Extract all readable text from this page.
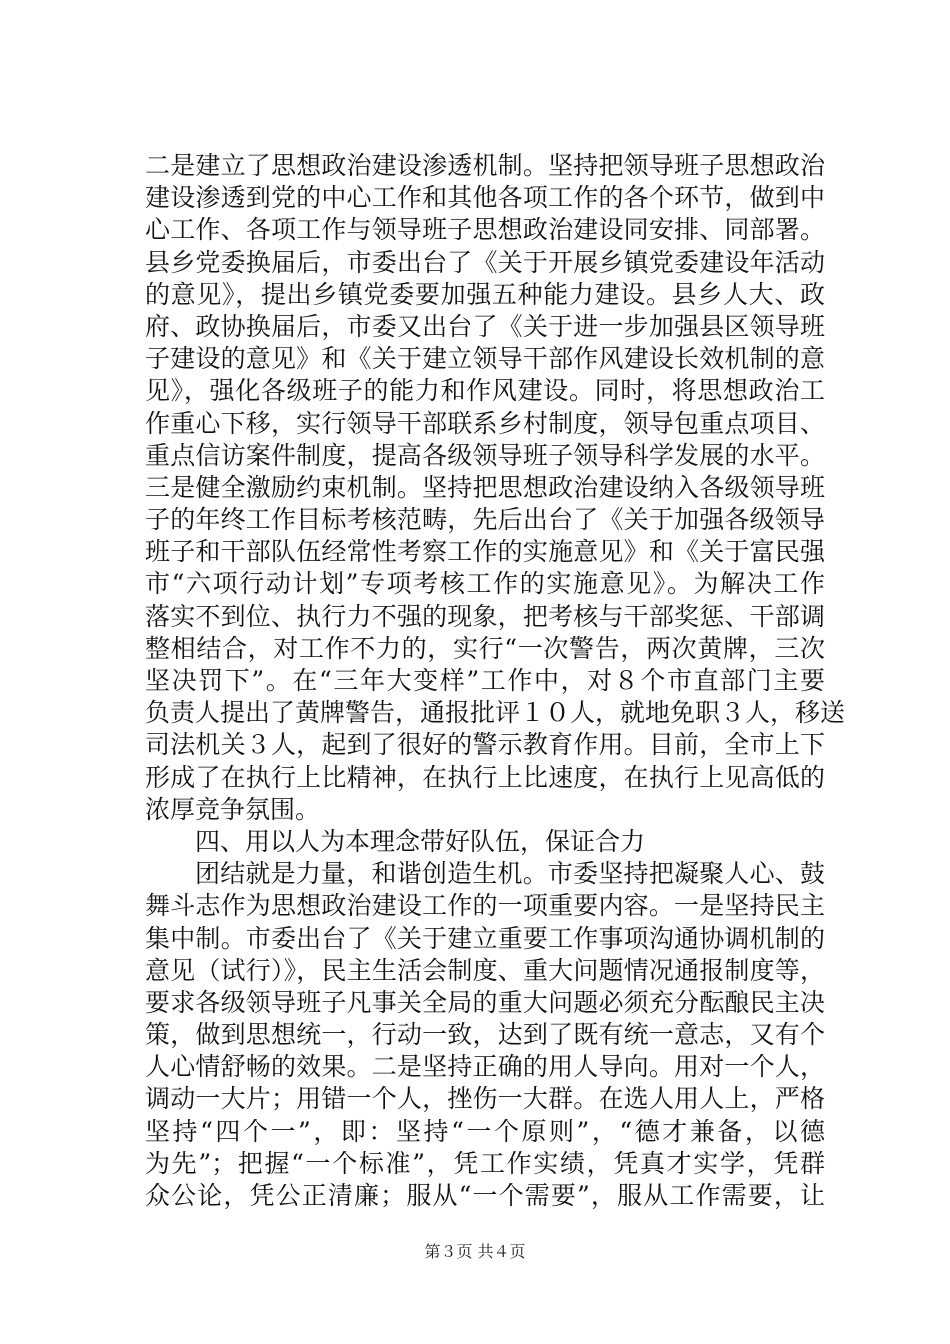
二是建立了思想政治建设渗透机制。坚持把领导班子思想政治
建设渗透到党的中心工作和其他各项工作的各个环节，做到中
心工作、各项工作与领导班子思想政治建设同安排、同部署。
县乡党委换届后，市委出台了《关于开展乡镇党委建设年活动
的意见》，提出乡镇党委要加强五种能力建设。县乡人大、政
府、政协换届后，市委又出台了《关于进一步加强县区领导班
子建设的意见》和《关于建立领导干部作风建设长效机制的意
见》，强化各级班子的能力和作风建设。同时，将思想政治工
作重心下移，实行领导干部联系乡村制度，领导包重点项目、
重点信访案件制度，提高各级领导班子领导科学发展的水平。
三是健全激励约束机制。坚持把思想政治建设纳入各级领导班
子的年终工作目标考核范畴，先后出台了《关于加强各级领导
班子和干部队伍经常性考察工作的实施意见》和《关于富民强
市“六项行动计划”专项考核工作的实施意见》。为解决工作
落实不到位、执行力不强的现象，把考核与干部奖惩、干部调
整相结合，对工作不力的，实行“一次警告，两次黄牌，三次
坚决罚下”。在“三年大变样”工作中，对８个市直部门主要
负责人提出了黄牌警告，通报批评１０人，就地免职３人，移送
司法机关３人，起到了很好的警示教育作用。目前，全市上下
形成了在执行上比精神，在执行上比速度，在执行上见高低的
浓厚竞争氛围。
四、用以人为本理念带好队伍，保证合力
团结就是力量，和谐创造生机。市委坚持把凝聚人心、鼓
舞斗志作为思想政治建设工作的一项重要内容。一是坚持民主
集中制。市委出台了《关于建立重要工作事项沟通协调机制的
意见（试行）》，民主生活会制度、重大问题情况通报制度等，
要求各级领导班子凡事关全局的重大问题必须充分酝酿民主决
策，做到思想统一，行动一致，达到了既有统一意志，又有个
人心情舒畅的效果。二是坚持正确的用人导向。用对一个人，
调动一大片；用错一个人，挫伤一大群。在选人用人上，严格
坚持“四个一”，即：坚持“一个原则”，“德才兼备，以德
为先”；把握“一个标准”，凭工作实绩，凭真才实学，凭群
众公论，凭公正清廉；服从“一个需要”，服从工作需要，让
第３页 共４页
